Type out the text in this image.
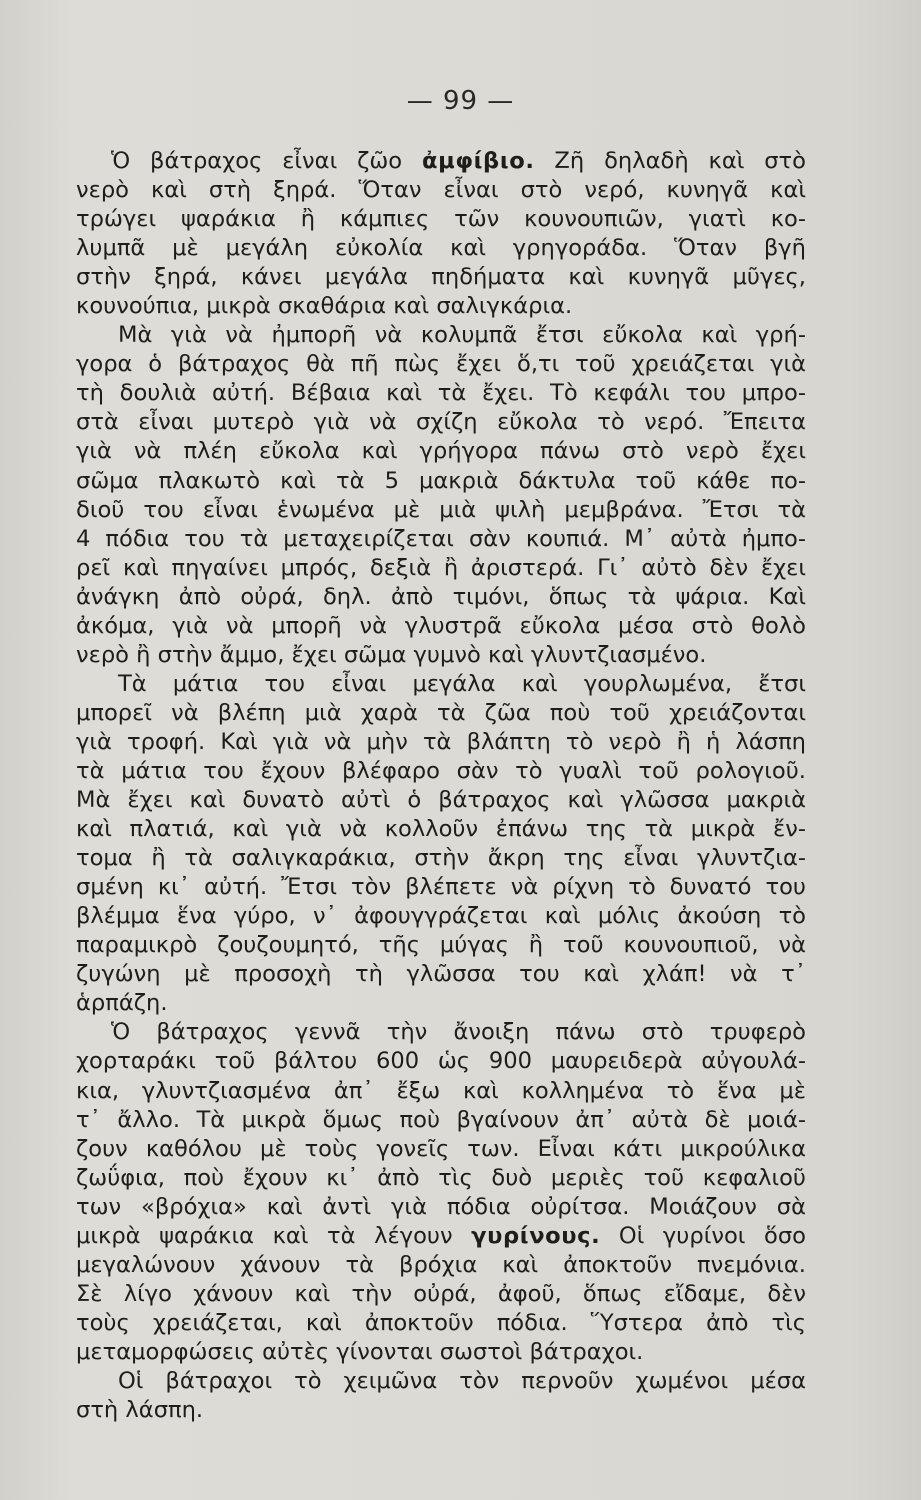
— 99 —
Ὁ βάτραχος εἶναι ζῶο ἀμφίβιο. Ζῆ δηλαδὴ καὶ στὸ
νερὸ καὶ στὴ ξηρά. Ὅταν εἶναι στὸ νερό, κυνηγᾶ καὶ
τρώγει ψαράκια ἢ κάμπιες τῶν κουνουπιῶν, γιατὶ κο-
λυμπᾶ μὲ μεγάλη εὐκολία καὶ γρηγοράδα. Ὅταν βγῆ
στὴν ξηρά, κάνει μεγάλα πηδήματα καὶ κυνηγᾶ μῦγες,
κουνούπια, μικρὰ σκαθάρια καὶ σαλιγκάρια.
Μὰ γιὰ νὰ ἠμπορῆ νὰ κολυμπᾶ ἔτσι εὔκολα καὶ γρή-
γορα ὁ βάτραχος θὰ πῆ πὼς ἔχει ὅ,τι τοῦ χρειάζεται γιὰ
τὴ δουλιὰ αὐτή. Βέβαια καὶ τὰ ἔχει. Τὸ κεφάλι του μπρο-
στὰ εἶναι μυτερὸ γιὰ νὰ σχίζη εὔκολα τὸ νερό. Ἔπειτα
γιὰ νὰ πλέη εὔκολα καὶ γρήγορα πάνω στὸ νερὸ ἔχει
σῶμα πλακωτὸ καὶ τὰ 5 μακριὰ δάκτυλα τοῦ κάθε πο-
διοῦ του εἶναι ἑνωμένα μὲ μιὰ ψιλὴ μεμβράνα. Ἔτσι τὰ
4 πόδια του τὰ μεταχειρίζεται σὰν κουπιά. Μ᾽ αὐτὰ ἠμπο-
ρεῖ καὶ πηγαίνει μπρός, δεξιὰ ἢ ἀριστερά. Γι᾽ αὐτὸ δὲν ἔχει
ἀνάγκη ἀπὸ οὐρά, δηλ. ἀπὸ τιμόνι, ὅπως τὰ ψάρια. Καὶ
ἀκόμα, γιὰ νὰ μπορῆ νὰ γλυστρᾶ εὔκολα μέσα στὸ θολὸ
νερὸ ἢ στὴν ἄμμο, ἔχει σῶμα γυμνὸ καὶ γλυντζιασμένο.
Τὰ μάτια του εἶναι μεγάλα καὶ γουρλωμένα, ἔτσι
μπορεῖ νὰ βλέπη μιὰ χαρὰ τὰ ζῶα ποὺ τοῦ χρειάζονται
γιὰ τροφή. Καὶ γιὰ νὰ μὴν τὰ βλάπτη τὸ νερὸ ἢ ἡ λάσπη
τὰ μάτια του ἔχουν βλέφαρο σὰν τὸ γυαλὶ τοῦ ρολογιοῦ.
Μὰ ἔχει καὶ δυνατὸ αὐτὶ ὁ βάτραχος καὶ γλῶσσα μακριὰ
καὶ πλατιά, καὶ γιὰ νὰ κολλοῦν ἐπάνω της τὰ μικρὰ ἔν-
τομα ἢ τὰ σαλιγκαράκια, στὴν ἄκρη της εἶναι γλυντζια-
σμένη κι᾽ αὐτή. Ἔτσι τὸν βλέπετε νὰ ρίχνη τὸ δυνατό του
βλέμμα ἕνα γύρο, ν᾽ ἀφουγγράζεται καὶ μόλις ἀκούση τὸ
παραμικρὸ ζουζουμητό, τῆς μύγας ἢ τοῦ κουνουπιοῦ, νὰ
ζυγώνη μὲ προσοχὴ τὴ γλῶσσα του καὶ χλάπ! νὰ τ᾽
ἁρπάζη.
Ὁ βάτραχος γεννᾶ τὴν ἄνοιξη πάνω στὸ τρυφερὸ
χορταράκι τοῦ βάλτου 600 ὡς 900 μαυρειδερὰ αὐγουλά-
κια, γλυντζιασμένα ἀπ᾽ ἔξω καὶ κολλημένα τὸ ἕνα μὲ
τ᾽ ἄλλο. Τὰ μικρὰ ὅμως ποὺ βγαίνουν ἀπ᾽ αὐτὰ δὲ μοιά-
ζουν καθόλου μὲ τοὺς γονεῖς των. Εἶναι κάτι μικρούλικα
ζωΰφια, ποὺ ἔχουν κι᾽ ἀπὸ τὶς δυὸ μεριὲς τοῦ κεφαλιοῦ
των «βρόχια» καὶ ἀντὶ γιὰ πόδια οὐρίτσα. Μοιάζουν σὰ
μικρὰ ψαράκια καὶ τὰ λέγουν γυρίνους. Οἱ γυρίνοι ὅσο
μεγαλώνουν χάνουν τὰ βρόχια καὶ ἀποκτοῦν πνεμόνια.
Σὲ λίγο χάνουν καὶ τὴν οὐρά, ἀφοῦ, ὅπως εἴδαμε, δὲν
τοὺς χρειάζεται, καὶ ἀποκτοῦν πόδια. Ὕστερα ἀπὸ τὶς
μεταμορφώσεις αὐτὲς γίνονται σωστοὶ βάτραχοι.
Οἱ βάτραχοι τὸ χειμῶνα τὸν περνοῦν χωμένοι μέσα
στὴ λάσπη.
